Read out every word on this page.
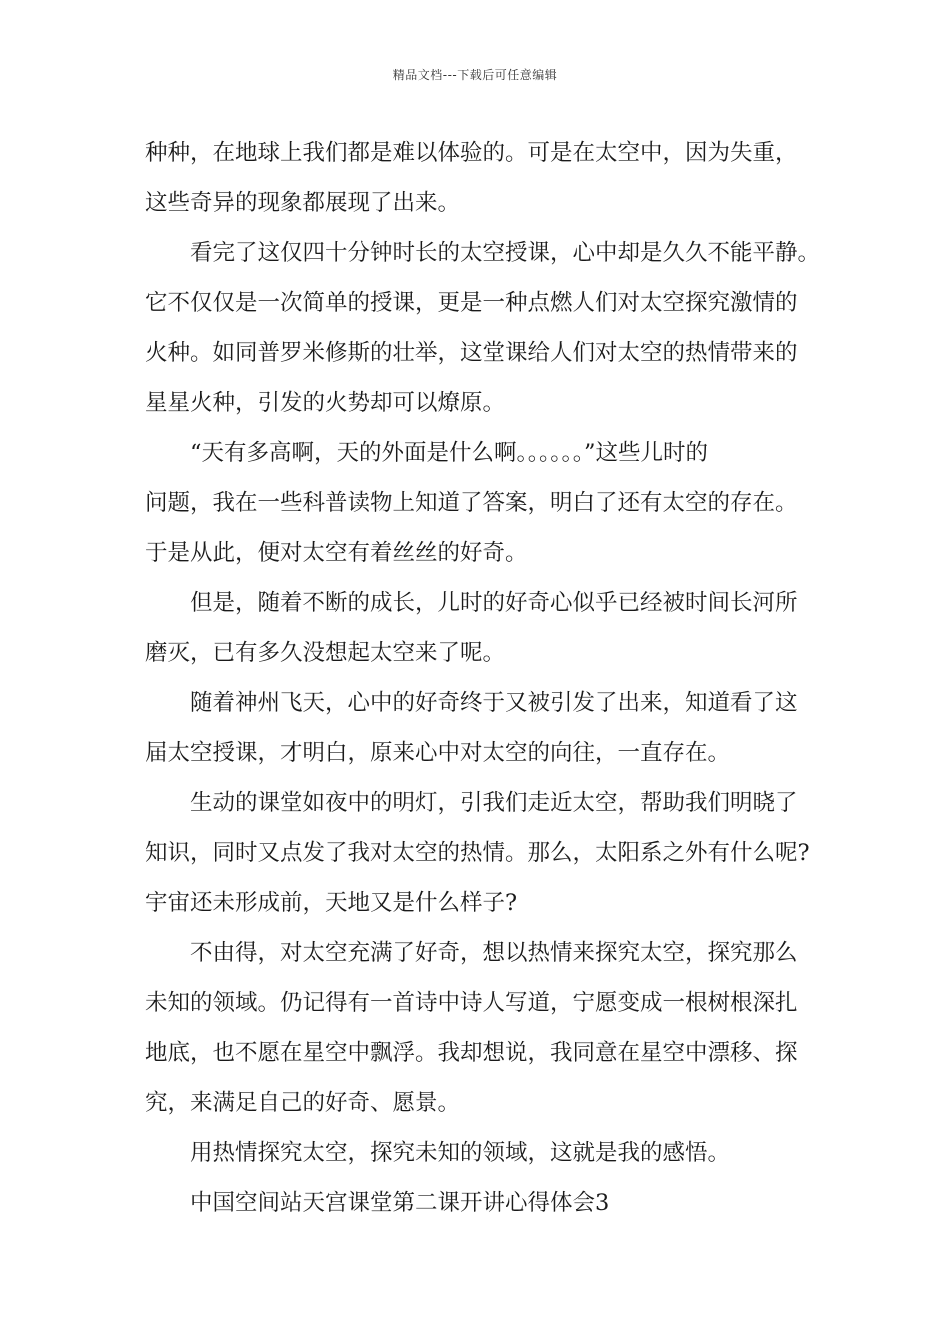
精品文档---下载后可任意编辑
种种，在地球上我们都是难以体验的。可是在太空中，因为失重，
这些奇异的现象都展现了出来。
看完了这仅四十分钟时长的太空授课，心中却是久久不能平静。
它不仅仅是一次简单的授课，更是一种点燃人们对太空探究激情的
火种。如同普罗米修斯的壮举，这堂课给人们对太空的热情带来的
星星火种，引发的火势却可以燎原。
“天有多高啊，天的外面是什么啊。。。。。。”这些儿时的
问题，我在一些科普读物上知道了答案，明白了还有太空的存在。
于是从此，便对太空有着丝丝的好奇。
但是，随着不断的成长，儿时的好奇心似乎已经被时间长河所
磨灭，已有多久没想起太空来了呢。
随着神州飞天，心中的好奇终于又被引发了出来，知道看了这
届太空授课，才明白，原来心中对太空的向往，一直存在。
生动的课堂如夜中的明灯，引我们走近太空，帮助我们明晓了
知识，同时又点发了我对太空的热情。那么，太阳系之外有什么呢?
宇宙还未形成前，天地又是什么样子?
不由得，对太空充满了好奇，想以热情来探究太空，探究那么
未知的领域。仍记得有一首诗中诗人写道，宁愿变成一根树根深扎
地底，也不愿在星空中飘浮。我却想说，我同意在星空中漂移、探
究，来满足自己的好奇、愿景。
用热情探究太空，探究未知的领域，这就是我的感悟。
中国空间站天宫课堂第二课开讲心得体会3
